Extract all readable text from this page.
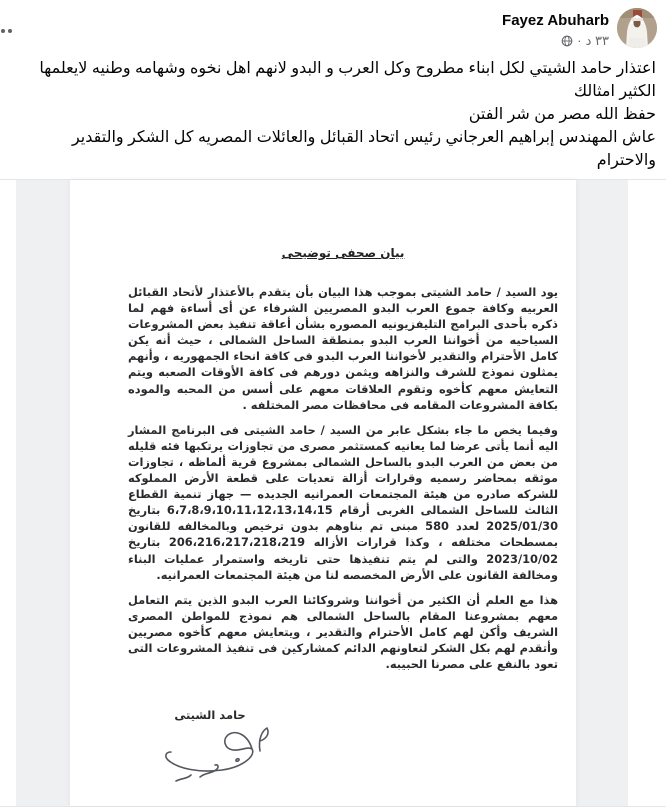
Fayez Abuharb
٣٣ د
·
اعتذار حامد الشيتي لكل ابناء مطروح وكل العرب و البدو لانهم اهل نخوه وشهامه وطنيه لايعلمها الكثير امثالك
حفظ الله مصر من شر الفتن
عاش المهندس إبراهيم العرجاني رئيس اتحاد القبائل والعائلات المصريه كل الشكر والتقدير والاحترام
بيان صحفى توضيحى
يود السيد / حامد الشيتى بموجب هذا البيان بأن يتقدم بالأعتذار لأتحاد القبائل العربيه وكافة جموع العرب البدو المصريين الشرفاء عن أى أساءة فهم لما ذكره بأحدى البرامج التليفزيونيه المصوره بشأن أعاقة تنفيذ بعض المشروعات السياحيه من أخواننا العرب البدو بمنطقة الساحل الشمالى ، حيث أنه يكن كامل الأحترام والتقدير لأخواننا العرب البدو فى كافة انحاء الجمهوريه ، وأنهم يمثلون نموذج للشرف والنزاهه ويثمن دورهم فى كافة الأوقات الصعبه ويتم التعايش معهم كأخوه وتقوم العلاقات معهم على أسس من المحبه والموده بكافة المشروعات المقامه فى محافظات مصر المختلفه .
وفيما يخص ما جاء بشكل عابر من السيد / حامد الشيتى فى البرنامج المشار اليه أنما يأتى عرضا لما يعانيه كمستثمر مصرى من تجاوزات يرتكبها فئه قليله من بعض من العرب البدو بالساحل الشمالى بمشروع قرية ألماظه ، تجاوزات موثقه بمحاضر رسميه وقرارات أزالة تعديات على قطعة الأرض المملوكه للشركه صادره من هيئة المجتمعات العمرانيه الجديده — جهاز تنمية القطاع الثالث للساحل الشمالى الغربى أرقام 6،7،8،9،10،11،12،13،14،15 بتاريخ 2025/01/30 لعدد 580 مبنى تم بناوهم بدون ترخيص وبالمخالفه للقانون بمسطحات مختلفه ، وكذا قرارات الأزاله 206،216،217،218،219 بتاريخ 2023/10/02 والتى لم يتم تنفيذها حتى تاريخه واستمرار عمليات البناء ومخالفة القانون على الأرض المخصصه لنا من هيئة المجتمعات العمرانيه.
هذا مع العلم أن الكثير من أخواننا وشروكائنا العرب البدو الذين يتم التعامل معهم بمشروعنا المقام بالساحل الشمالى هم نموذج للمواطن المصرى الشريف وأكن لهم كامل الأحترام والتقدير ، ويتعايش معهم كأخوه مصريين وأتقدم لهم بكل الشكر لتعاونهم الدائم كمشاركين فى تنفيذ المشروعات التى تعود بالنفع على مصرنا الحبيبه.
حامد الشيتى
